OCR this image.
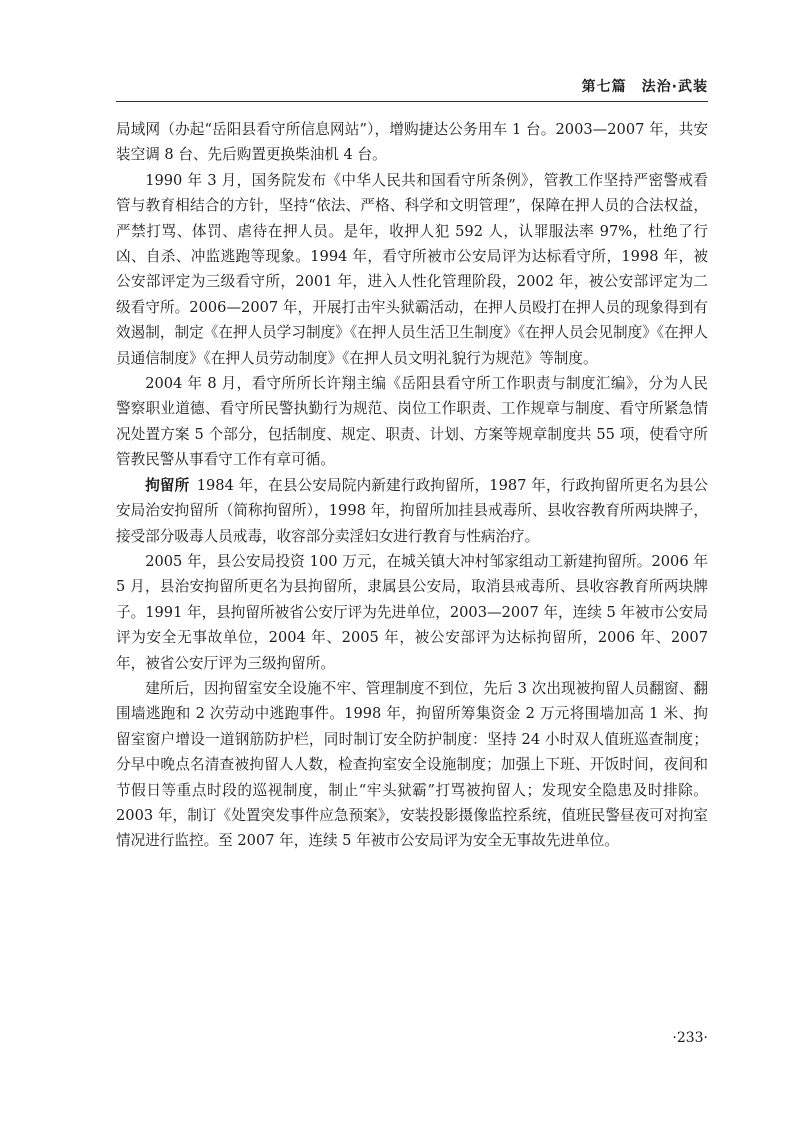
第七篇　法治·武装

局域网（办起“岳阳县看守所信息网站”），增购捷达公务用车 1 台。2003—2007 年，共安装空调 8 台、先后购置更换柴油机 4 台。

1990 年 3 月，国务院发布《中华人民共和国看守所条例》，管教工作坚持严密警戒看管与教育相结合的方针，坚持“依法、严格、科学和文明管理”，保障在押人员的合法权益，严禁打骂、体罚、虐待在押人员。是年，收押人犯 592 人，认罪服法率 97%，杜绝了行凶、自杀、冲监逃跑等现象。1994 年，看守所被市公安局评为达标看守所，1998 年，被公安部评定为三级看守所，2001 年，进入人性化管理阶段，2002 年，被公安部评定为二级看守所。2006—2007 年，开展打击牢头狱霸活动，在押人员殴打在押人员的现象得到有效遏制，制定《在押人员学习制度》《在押人员生活卫生制度》《在押人员会见制度》《在押人员通信制度》《在押人员劳动制度》《在押人员文明礼貌行为规范》等制度。

2004 年 8 月，看守所所长许翔主编《岳阳县看守所工作职责与制度汇编》，分为人民警察职业道德、看守所民警执勤行为规范、岗位工作职责、工作规章与制度、看守所紧急情况处置方案 5 个部分，包括制度、规定、职责、计划、方案等规章制度共 55 项，使看守所管教民警从事看守工作有章可循。

拘留所 1984 年，在县公安局院内新建行政拘留所，1987 年，行政拘留所更名为县公安局治安拘留所（简称拘留所），1998 年，拘留所加挂县戒毒所、县收容教育所两块牌子，接受部分吸毒人员戒毒，收容部分卖淫妇女进行教育与性病治疗。

2005 年，县公安局投资 100 万元，在城关镇大冲村邹家组动工新建拘留所。2006 年 5 月，县治安拘留所更名为县拘留所，隶属县公安局，取消县戒毒所、县收容教育所两块牌子。1991 年，县拘留所被省公安厅评为先进单位，2003—2007 年，连续 5 年被市公安局评为安全无事故单位，2004 年、2005 年，被公安部评为达标拘留所，2006 年、2007 年，被省公安厅评为三级拘留所。

建所后，因拘留室安全设施不牢、管理制度不到位，先后 3 次出现被拘留人员翻窗、翻围墙逃跑和 2 次劳动中逃跑事件。1998 年，拘留所筹集资金 2 万元将围墙加高 1 米、拘留室窗户增设一道钢筋防护栏，同时制订安全防护制度：坚持 24 小时双人值班巡查制度；分早中晚点名清查被拘留人人数，检查拘室安全设施制度；加强上下班、开饭时间，夜间和节假日等重点时段的巡视制度，制止“牢头狱霸”打骂被拘留人；发现安全隐患及时排除。2003 年，制订《处置突发事件应急预案》，安装投影摄像监控系统，值班民警昼夜可对拘室情况进行监控。至 2007 年，连续 5 年被市公安局评为安全无事故先进单位。

·233·
